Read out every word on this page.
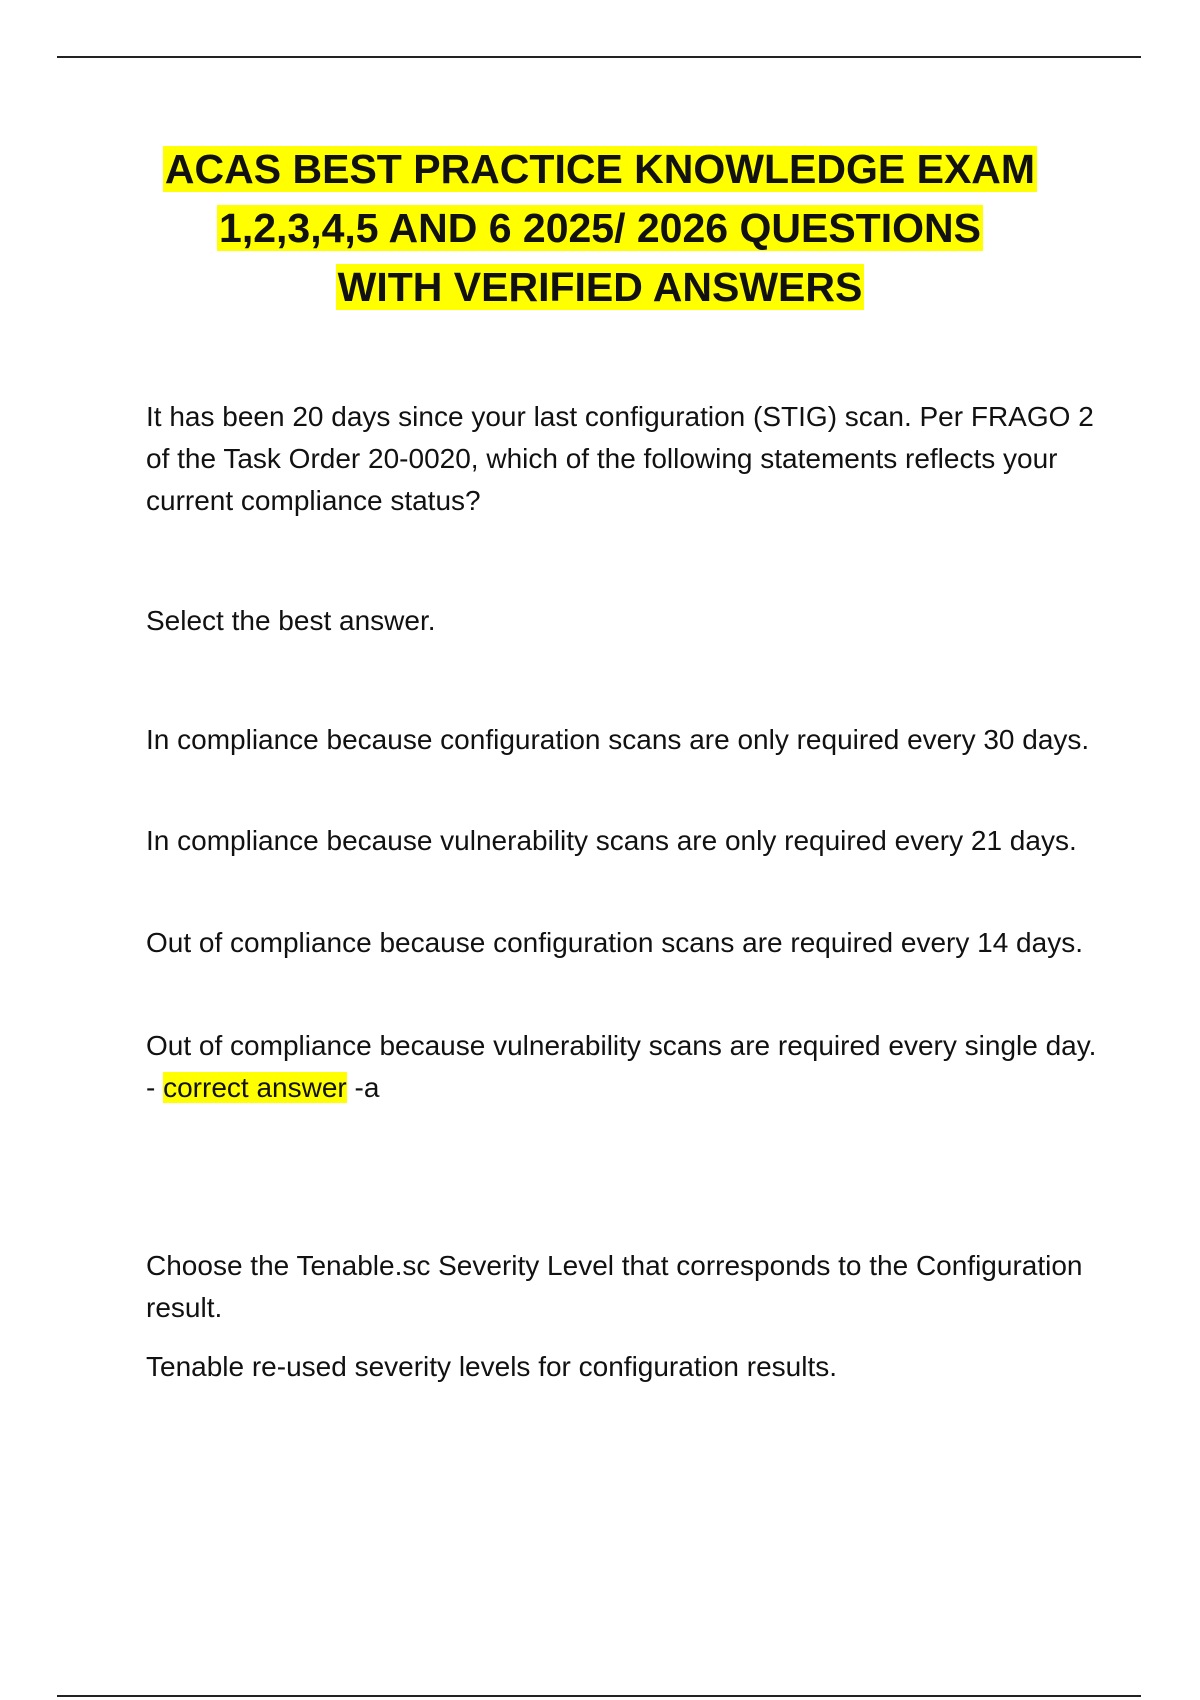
ACAS BEST PRACTICE KNOWLEDGE EXAM
1,2,3,4,5 AND 6 2025/ 2026 QUESTIONS
WITH VERIFIED ANSWERS

It has been 20 days since your last configuration (STIG) scan. Per FRAGO 2 of the Task Order 20-0020, which of the following statements reflects your current compliance status?

Select the best answer.

In compliance because configuration scans are only required every 30 days.

In compliance because vulnerability scans are only required every 21 days.

Out of compliance because configuration scans are required every 14 days.

Out of compliance because vulnerability scans are required every single day. - correct answer -a

Choose the Tenable.sc Severity Level that corresponds to the Configuration result.

Tenable re-used severity levels for configuration results.
